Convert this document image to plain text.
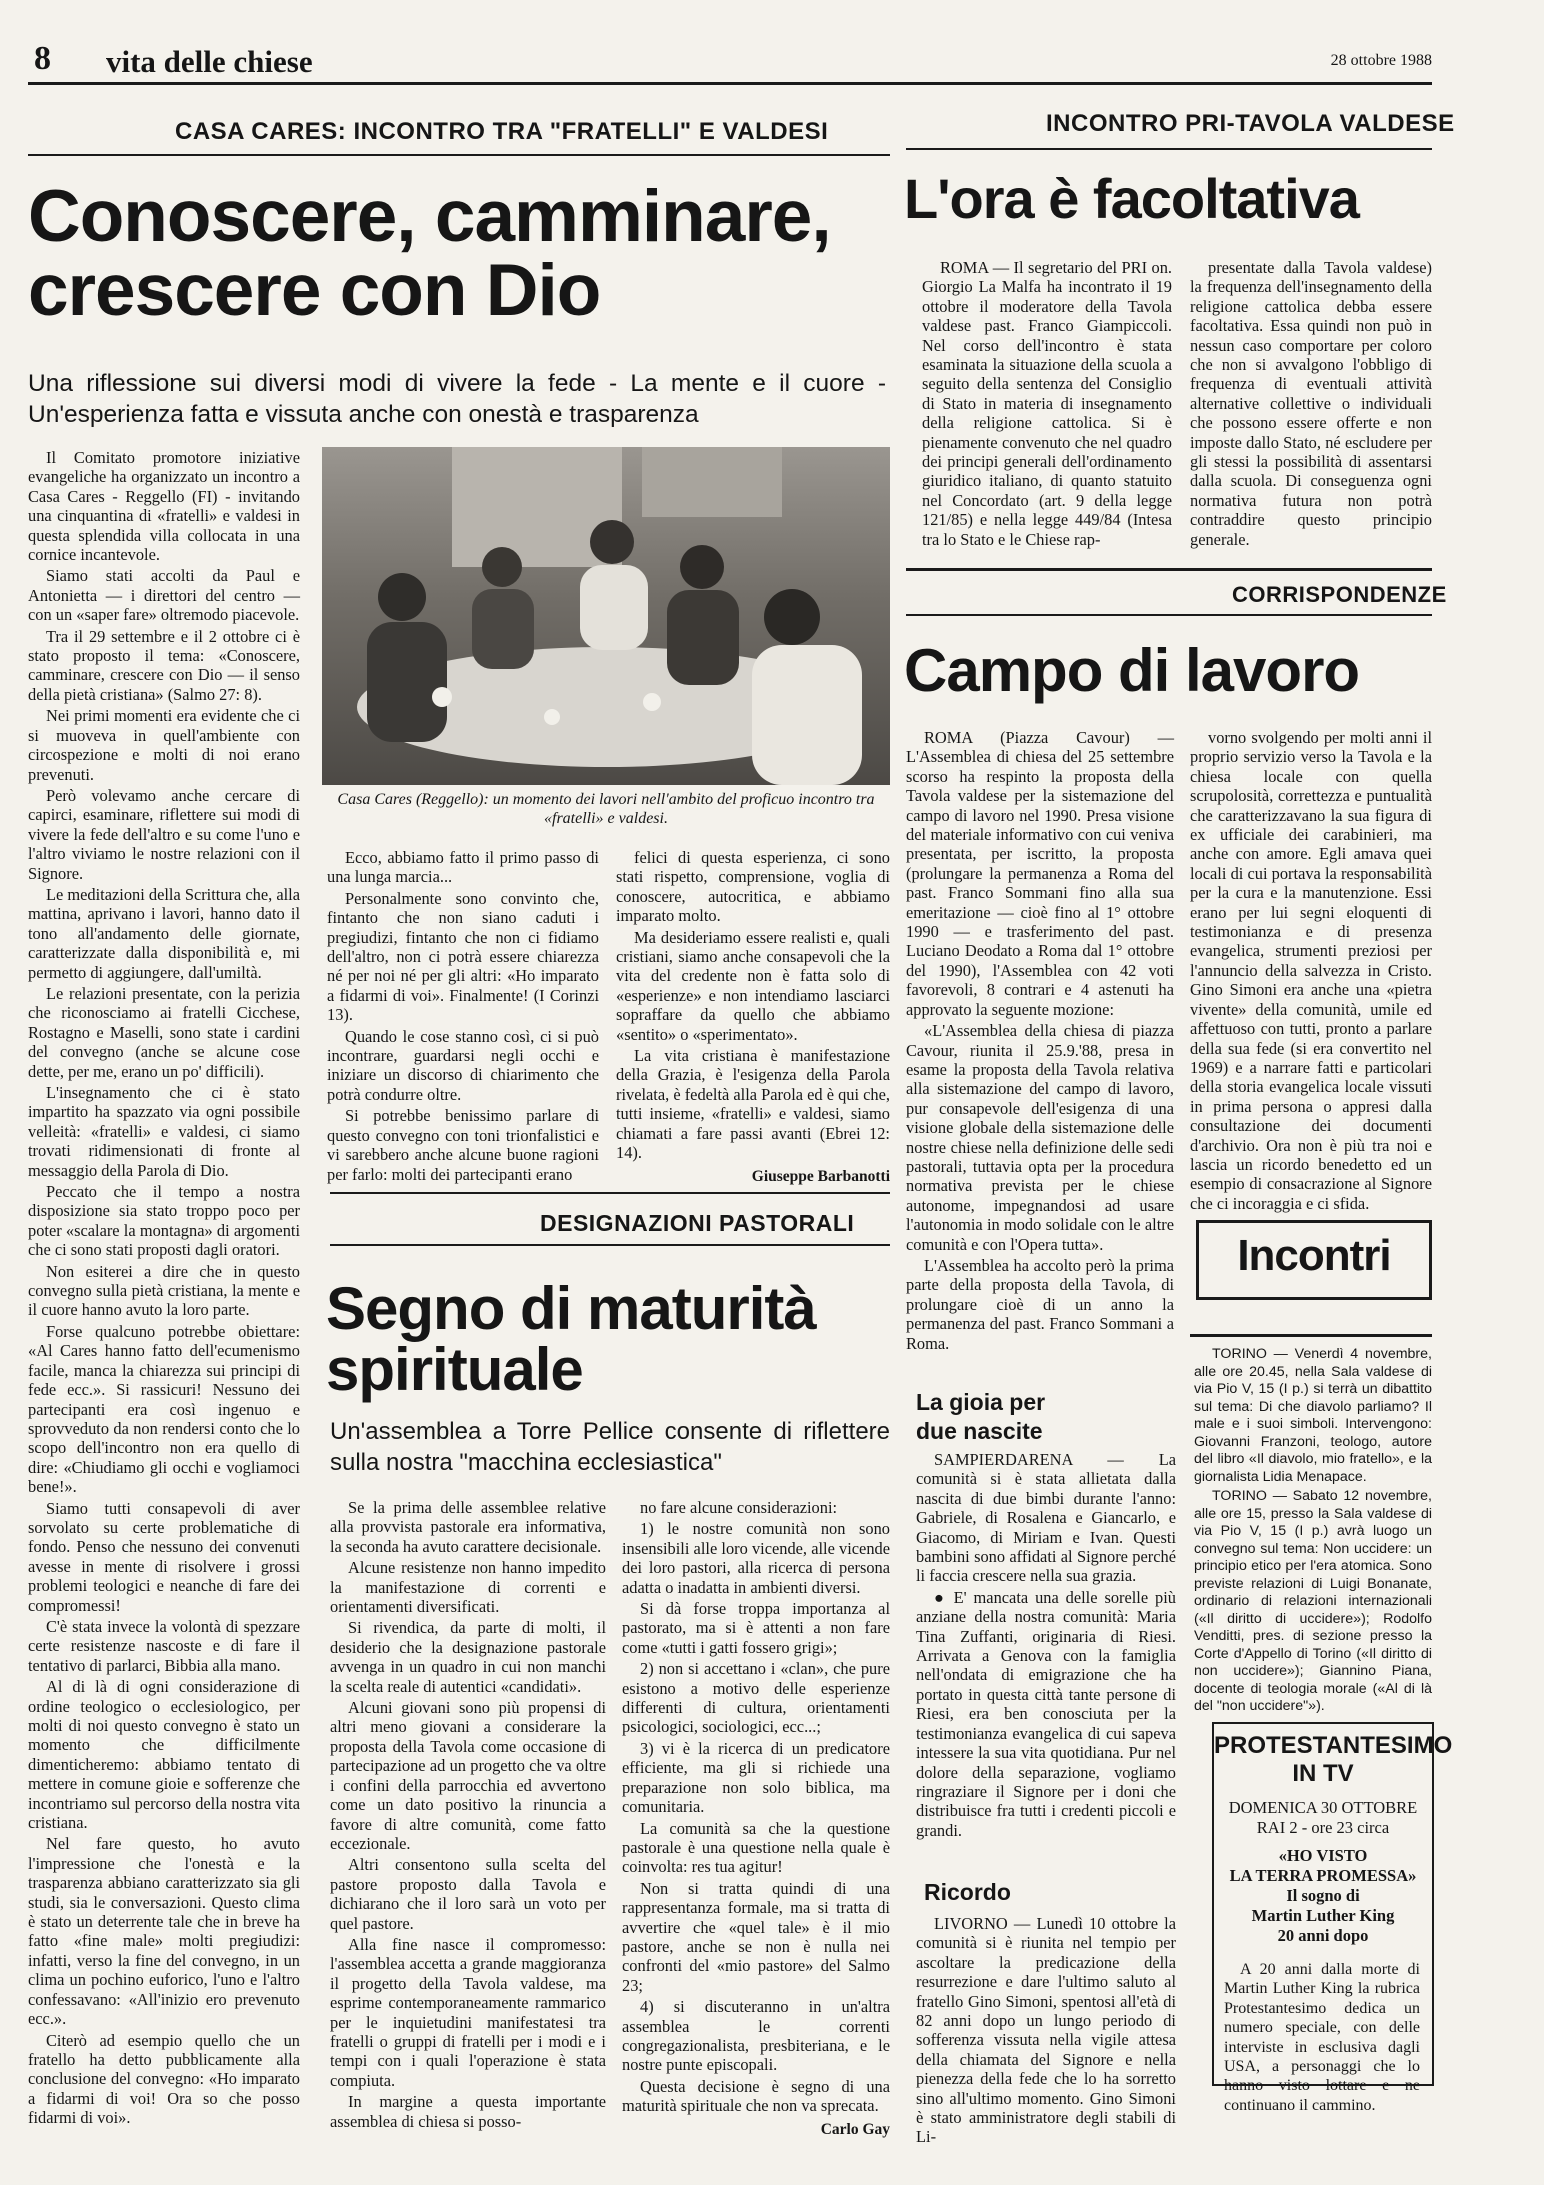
8 vita delle chiese	28 ottobre 1988
CASA CARES: INCONTRO TRA "FRATELLI" E VALDESI
Conoscere, camminare,
crescere con Dio
Una riflessione sui diversi modi di vivere la fede - La mente e il cuore - Un'esperienza fatta e vissuta anche con onestà e trasparenza

Il Comitato promotore iniziative evangeliche ha organizzato un incontro a Casa Cares - Reggello (FI) - invitando una cinquantina di «fratelli» e valdesi in questa splendida villa collocata in una cornice incantevole.

Siamo stati accolti da Paul e Antonietta — i direttori del centro — con un «saper fare» oltremodo piacevole.

Tra il 29 settembre e il 2 ottobre ci è stato proposto il tema: «Conoscere, camminare, crescere con Dio — il senso della pietà cristiana» (Salmo 27: 8).

Nei primi momenti era evidente che ci si muoveva in quell'ambiente con circospezione e molti di noi erano prevenuti.

Però volevamo anche cercare di capirci, esaminare, riflettere sui modi di vivere la fede dell'altro e su come l'uno e l'altro viviamo le nostre relazioni con il Signore.

Le meditazioni della Scrittura che, alla mattina, aprivano i lavori, hanno dato il tono all'andamento delle giornate, caratterizzate dalla disponibilità e, mi permetto di aggiungere, dall'umiltà.

Le relazioni presentate, con la perizia che riconosciamo ai fratelli Cicchese, Rostagno e Maselli, sono state i cardini del convegno (anche se alcune cose dette, per me, erano un po' difficili).

L'insegnamento che ci è stato impartito ha spazzato via ogni possibile velleità: «fratelli» e valdesi, ci siamo trovati ridimensionati di fronte al messaggio della Parola di Dio.

Peccato che il tempo a nostra disposizione sia stato troppo poco per poter «scalare la montagna» di argomenti che ci sono stati proposti dagli oratori.

Non esiterei a dire che in questo convegno sulla pietà cristiana, la mente e il cuore hanno avuto la loro parte.

Forse qualcuno potrebbe obiettare: «Al Cares hanno fatto dell'ecumenismo facile, manca la chiarezza sui principi di fede ecc.». Si rassicuri! Nessuno dei partecipanti era così ingenuo e sprovveduto da non rendersi conto che lo scopo dell'incontro non era quello di dire: «Chiudiamo gli occhi e vogliamoci bene!».

Siamo tutti consapevoli di aver sorvolato su certe problematiche di fondo. Penso che nessuno dei convenuti avesse in mente di risolvere i grossi problemi teologici e neanche di fare dei compromessi!

C'è stata invece la volontà di spezzare certe resistenze nascoste e di fare il tentativo di parlarci, Bibbia alla mano.

Al di là di ogni considerazione di ordine teologico o ecclesiologico, per molti di noi questo convegno è stato un momento che difficilmente dimenticheremo: abbiamo tentato di mettere in comune gioie e sofferenze che incontriamo sul percorso della nostra vita cristiana.

Nel fare questo, ho avuto l'impressione che l'onestà e la trasparenza abbiano caratterizzato sia gli studi, sia le conversazioni. Questo clima è stato un deterrente tale che in breve ha fatto «fine male» molti pregiudizi: infatti, verso la fine del convegno, in un clima un pochino euforico, l'uno e l'altro confessavano: «All'inizio ero prevenuto ecc.».

Citerò ad esempio quello che un fratello ha detto pubblicamente alla conclusione del convegno: «Ho imparato a fidarmi di voi! Ora so che posso fidarmi di voi».

Casa Cares (Reggello): un momento dei lavori nell'ambito del proficuo incontro tra «fratelli» e valdesi.

Ecco, abbiamo fatto il primo passo di una lunga marcia...

Personalmente sono convinto che, fintanto che non siano caduti i pregiudizi, fintanto che non ci fidiamo dell'altro, non ci potrà essere chiarezza né per noi né per gli altri: «Ho imparato a fidarmi di voi». Finalmente! (I Corinzi 13).

Quando le cose stanno così, ci si può incontrare, guardarsi negli occhi e iniziare un discorso di chiarimento che potrà condurre oltre.

Si potrebbe benissimo parlare di questo convegno con toni trionfalistici e vi sarebbero anche alcune buone ragioni per farlo: molti dei partecipanti erano

felici di questa esperienza, ci sono stati rispetto, comprensione, voglia di conoscere, autocritica, e abbiamo imparato molto.

Ma desideriamo essere realisti e, quali cristiani, siamo anche consapevoli che la vita del credente non è fatta solo di «esperienze» e non intendiamo lasciarci sopraffare da quello che abbiamo «sentito» o «sperimentato».

La vita cristiana è manifestazione della Grazia, è l'esigenza della Parola rivelata, è fedeltà alla Parola ed è qui che, tutti insieme, «fratelli» e valdesi, siamo chiamati a fare passi avanti (Ebrei 12: 14).

Giuseppe Barbanotti
DESIGNAZIONI PASTORALI
Segno di maturità
spirituale
Un'assemblea a Torre Pellice consente di riflettere sulla nostra "macchina ecclesiastica"

Se la prima delle assemblee relative alla provvista pastorale era informativa, la seconda ha avuto carattere decisionale.

Alcune resistenze non hanno impedito la manifestazione di correnti e orientamenti diversificati.

Si rivendica, da parte di molti, il desiderio che la designazione pastorale avvenga in un quadro in cui non manchi la scelta reale di autentici «candidati».

Alcuni giovani sono più propensi di altri meno giovani a considerare la proposta della Tavola come occasione di partecipazione ad un progetto che va oltre i confini della parrocchia ed avvertono come un dato positivo la rinuncia a favore di altre comunità, come fatto eccezionale.

Altri consentono sulla scelta del pastore proposto dalla Tavola e dichiarano che il loro sarà un voto per quel pastore.

Alla fine nasce il compromesso: l'assemblea accetta a grande maggioranza il progetto della Tavola valdese, ma esprime contemporaneamente rammarico per le inquietudini manifestatesi tra fratelli o gruppi di fratelli per i modi e i tempi con i quali l'operazione è stata compiuta.

In margine a questa importante assemblea di chiesa si posso-

no fare alcune considerazioni:

1) le nostre comunità non sono insensibili alle loro vicende, alle vicende dei loro pastori, alla ricerca di persona adatta o inadatta in ambienti diversi.

Si dà forse troppa importanza al pastorato, ma si è attenti a non fare come «tutti i gatti fossero grigi»;

2) non si accettano i «clan», che pure esistono a motivo delle esperienze differenti di cultura, orientamenti psicologici, sociologici, ecc...;

3) vi è la ricerca di un predicatore efficiente, ma gli si richiede una preparazione non solo biblica, ma comunitaria.

La comunità sa che la questione pastorale è una questione nella quale è coinvolta: res tua agitur!

Non si tratta quindi di una rappresentanza formale, ma si tratta di avvertire che «quel tale» è il mio pastore, anche se non è nulla nei confronti del «mio pastore» del Salmo 23;

4) si discuteranno in un'altra assemblea le correnti congregazionalista, presbiteriana, e le nostre punte episcopali.

Questa decisione è segno di una maturità spirituale che non va sprecata.

Carlo Gay
INCONTRO PRI-TAVOLA VALDESE
L'ora è facoltativa

ROMA — Il segretario del PRI on. Giorgio La Malfa ha incontrato il 19 ottobre il moderatore della Tavola valdese past. Franco Giampiccoli. Nel corso dell'incontro è stata esaminata la situazione della scuola a seguito della sentenza del Consiglio di Stato in materia di insegnamento della religione cattolica. Si è pienamente convenuto che nel quadro dei principi generali dell'ordinamento giuridico italiano, di quanto statuito nel Concordato (art. 9 della legge 121/85) e nella legge 449/84 (Intesa tra lo Stato e le Chiese rap-

presentate dalla Tavola valdese) la frequenza dell'insegnamento della religione cattolica debba essere facoltativa. Essa quindi non può in nessun caso comportare per coloro che non si avvalgono l'obbligo di frequenza di eventuali attività alternative collettive o individuali che possono essere offerte e non imposte dallo Stato, né escludere per gli stessi la possibilità di assentarsi dalla scuola. Di conseguenza ogni normativa futura non potrà contraddire questo principio generale.

CORRISPONDENZE
Campo di lavoro

ROMA (Piazza Cavour) — L'Assemblea di chiesa del 25 settembre scorso ha respinto la proposta della Tavola valdese per la sistemazione del campo di lavoro nel 1990. Presa visione del materiale informativo con cui veniva presentata, per iscritto, la proposta (prolungare la permanenza a Roma del past. Franco Sommani fino alla sua emeritazione — cioè fino al 1° ottobre 1990 — e trasferimento del past. Luciano Deodato a Roma dal 1° ottobre del 1990), l'Assemblea con 42 voti favorevoli, 8 contrari e 4 astenuti ha approvato la seguente mozione:

«L'Assemblea della chiesa di piazza Cavour, riunita il 25.9.'88, presa in esame la proposta della Tavola relativa alla sistemazione del campo di lavoro, pur consapevole dell'esigenza di una visione globale della sistemazione delle nostre chiese nella definizione delle sedi pastorali, tuttavia opta per la procedura normativa prevista per le chiese autonome, impegnandosi ad usare l'autonomia in modo solidale con le altre comunità e con l'Opera tutta».

L'Assemblea ha accolto però la prima parte della proposta della Tavola, di prolungare cioè di un anno la permanenza del past. Franco Sommani a Roma.

vorno svolgendo per molti anni il proprio servizio verso la Tavola e la chiesa locale con quella scrupolosità, correttezza e puntualità che caratterizzavano la sua figura di ex ufficiale dei carabinieri, ma anche con amore. Egli amava quei locali di cui portava la responsabilità per la cura e la manutenzione. Essi erano per lui segni eloquenti di testimonianza e di presenza evangelica, strumenti preziosi per l'annuncio della salvezza in Cristo. Gino Simoni era anche una «pietra vivente» della comunità, umile ed affettuoso con tutti, pronto a parlare della sua fede (si era convertito nel 1969) e a narrare fatti e particolari della storia evangelica locale vissuti in prima persona o appresi dalla consultazione dei documenti d'archivio. Ora non è più tra noi e lascia un ricordo benedetto ed un esempio di consacrazione al Signore che ci incoraggia e ci sfida.

La gioia per due nascite

SAMPIERDARENA — La comunità si è stata allietata dalla nascita di due bimbi durante l'anno: Gabriele, di Rosalena e Giancarlo, e Giacomo, di Miriam e Ivan. Questi bambini sono affidati al Signore perché li faccia crescere nella sua grazia.

● E' mancata una delle sorelle più anziane della nostra comunità: Maria Tina Zuffanti, originaria di Riesi. Arrivata a Genova con la famiglia nell'ondata di emigrazione che ha portato in questa città tante persone di Riesi, era ben conosciuta per la testimonianza evangelica di cui sapeva intessere la sua vita quotidiana. Pur nel dolore della separazione, vogliamo ringraziare il Signore per i doni che distribuisce fra tutti i credenti piccoli e grandi.

Ricordo

LIVORNO — Lunedì 10 ottobre la comunità si è riunita nel tempio per ascoltare la predicazione della resurrezione e dare l'ultimo saluto al fratello Gino Simoni, spentosi all'età di 82 anni dopo un lungo periodo di sofferenza vissuta nella vigile attesa della chiamata del Signore e nella pienezza della fede che lo ha sorretto sino all'ultimo momento. Gino Simoni è stato amministratore degli stabili di Li-

Incontri

TORINO — Venerdì 4 novembre, alle ore 20.45, nella Sala valdese di via Pio V, 15 (I p.) si terrà un dibattito sul tema: Di che diavolo parliamo? Il male e i suoi simboli. Intervengono: Giovanni Franzoni, teologo, autore del libro «Il diavolo, mio fratello», e la giornalista Lidia Menapace.

TORINO — Sabato 12 novembre, alle ore 15, presso la Sala valdese di via Pio V, 15 (I p.) avrà luogo un convegno sul tema: Non uccidere: un principio etico per l'era atomica. Sono previste relazioni di Luigi Bonanate, ordinario di relazioni internazionali («Il diritto di uccidere»); Rodolfo Venditti, pres. di sezione presso la Corte d'Appello di Torino («Il diritto di non uccidere»); Giannino Piana, docente di teologia morale («Al di là del "non uccidere"»).

PROTESTANTESIMO
IN TV
DOMENICA 30 OTTOBRE
RAI 2 - ore 23 circa
«HO VISTO
LA TERRA PROMESSA»
Il sogno di
Martin Luther King
20 anni dopo
A 20 anni dalla morte di Martin Luther King la rubrica Protestantesimo dedica un numero speciale, con delle interviste in esclusiva dagli USA, a personaggi che lo hanno visto lottare e ne continuano il cammino.
